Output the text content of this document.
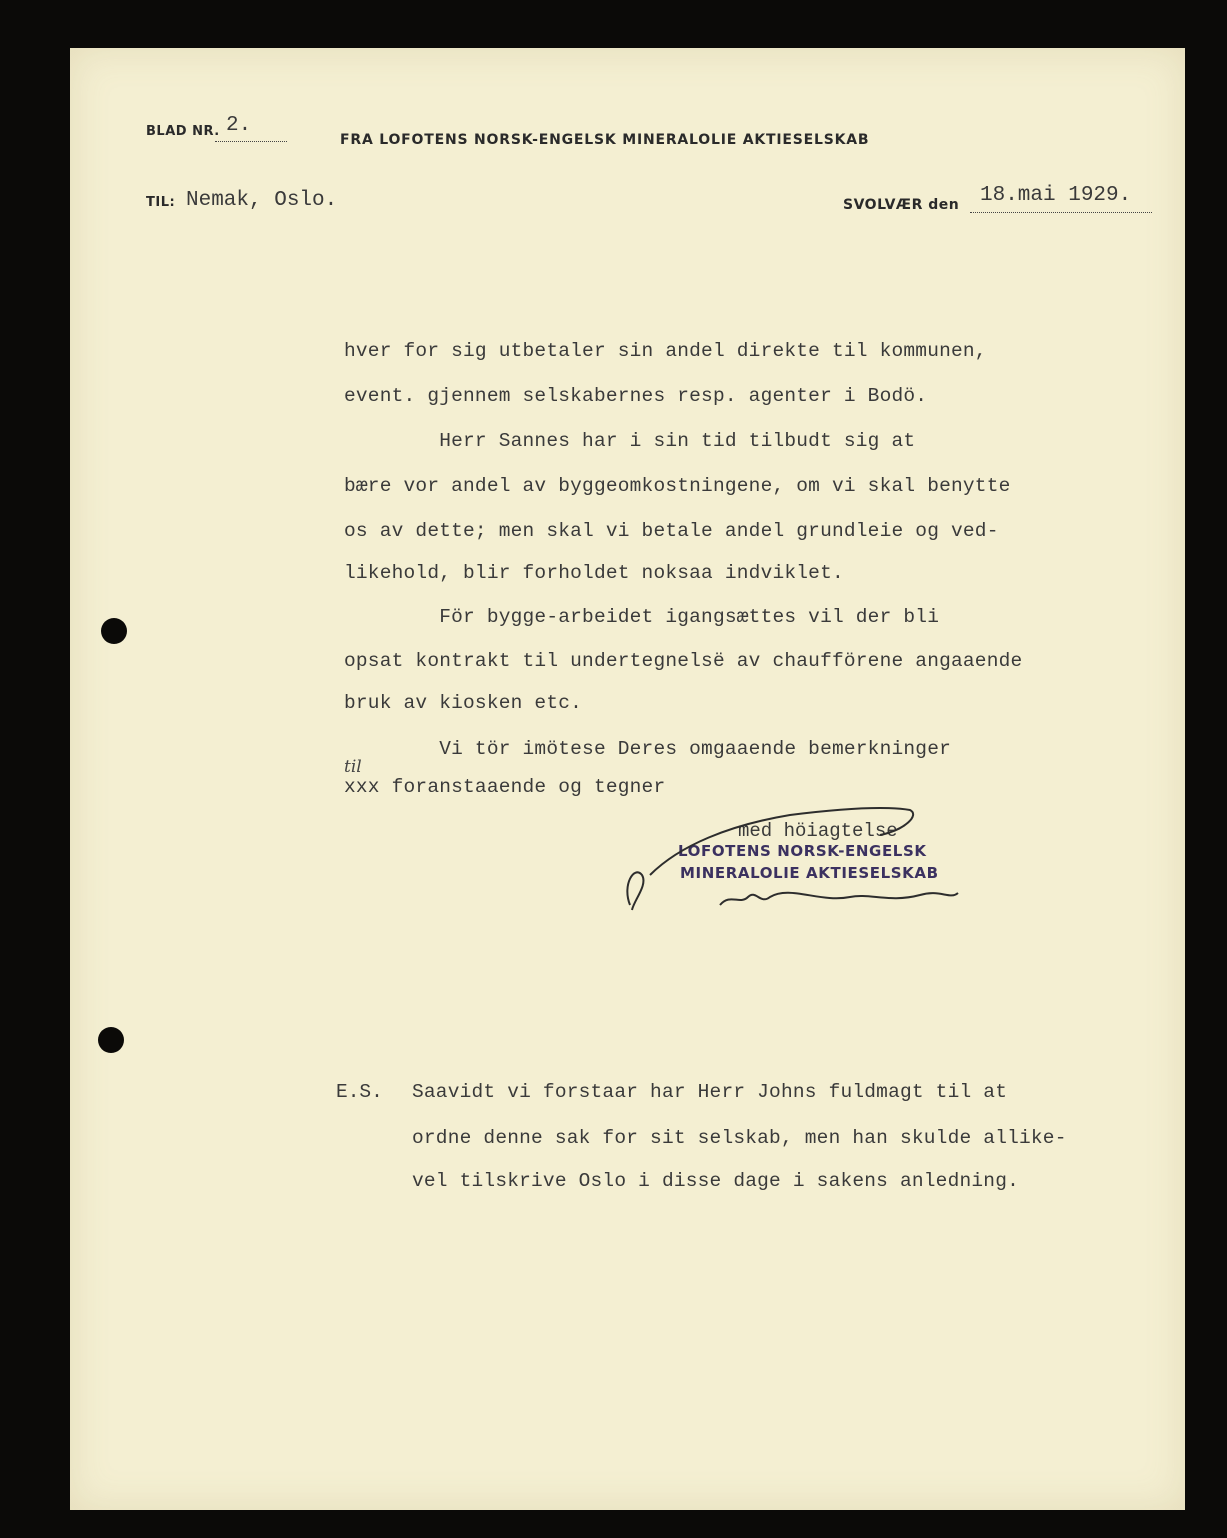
BLAD NR. 2.
FRA LOFOTENS NORSK-ENGELSK MINERALOLIE AKTIESELSKAB
TIL: Nemak, Oslo.	SVOLVÆR den 18.mai 1929.
hver for sig utbetaler sin andel direkte til kommunen,
event. gjennem selskabernes resp. agenter i Bodö.
Herr Sannes har i sin tid tilbudt sig at
bære vor andel av byggeomkostningene, om vi skal benytte
os av dette; men skal vi betale andel grundleie og ved-
likehold, blir forholdet noksaa indviklet.
För bygge-arbeidet igangsættes vil der bli
opsat kontrakt til undertegnelsë av chaufförene angaaende
bruk av kiosken etc.
Vi tör imötese Deres omgaaende bemerkninger
xxx foranstaaende og tegner
til
med höiagtelse
LOFOTENS NORSK-ENGELSK
MINERALOLIE AKTIESELSKAB
E.S. Saavidt vi forstaar har Herr Johns fuldmagt til at
ordne denne sak for sit selskab, men han skulde allike-
vel tilskrive Oslo i disse dage i sakens anledning.
